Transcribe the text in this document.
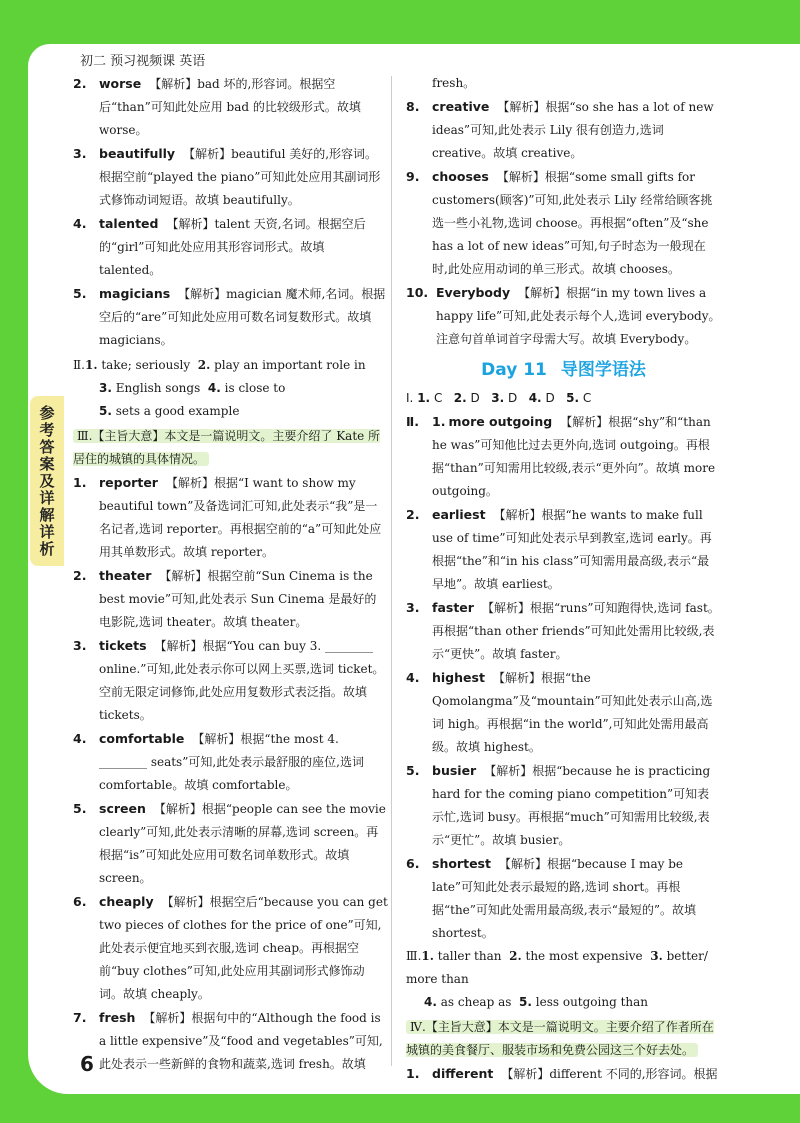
初二 预习视频课 英语
参考答案及详解详析
2. worse 【解析】bad 坏的,形容词。根据空后“than”可知此处应用 bad 的比较级形式。故填 worse。
3. beautifully 【解析】beautiful 美好的,形容词。根据空前“played the piano”可知此处应用其副词形式修饰动词短语。故填 beautifully。
4. talented 【解析】talent 天资,名词。根据空后的“girl”可知此处应用其形容词形式。故填 talented。
5. magicians 【解析】magician 魔术师,名词。根据空后的“are”可知此处应用可数名词复数形式。故填 magicians。
Ⅱ.1. take; seriously 2. play an important role in
3. English songs 4. is close to
5. sets a good example
Ⅲ.【主旨大意】本文是一篇说明文。主要介绍了 Kate 所居住的城镇的具体情况。
1. reporter 【解析】根据“I want to show my beautiful town”及备选词汇可知,此处表示“我”是一名记者,选词 reporter。再根据空前的“a”可知此处应用其单数形式。故填 reporter。
2. theater 【解析】根据空前“Sun Cinema is the best movie”可知,此处表示 Sun Cinema 是最好的电影院,选词 theater。故填 theater。
3. tickets 【解析】根据“You can buy 3. ________ online.”可知,此处表示你可以网上买票,选词 ticket。空前无限定词修饰,此处应用复数形式表泛指。故填 tickets。
4. comfortable 【解析】根据“the most 4. ________ seats”可知,此处表示最舒服的座位,选词 comfortable。故填 comfortable。
5. screen 【解析】根据“people can see the movie clearly”可知,此处表示清晰的屏幕,选词 screen。再根据“is”可知此处应用可数名词单数形式。故填 screen。
6. cheaply 【解析】根据空后“because you can get two pieces of clothes for the price of one”可知,此处表示便宜地买到衣服,选词 cheap。再根据空前“buy clothes”可知,此处应用其副词形式修饰动词。故填 cheaply。
7. fresh 【解析】根据句中的“Although the food is a little expensive”及“food and vegetables”可知,此处表示一些新鲜的食物和蔬菜,选词 fresh。故填
fresh。
8. creative 【解析】根据“so she has a lot of new ideas”可知,此处表示 Lily 很有创造力,选词 creative。故填 creative。
9. chooses 【解析】根据“some small gifts for customers(顾客)”可知,此处表示 Lily 经常给顾客挑选一些小礼物,选词 choose。再根据“often”及“she has a lot of new ideas”可知,句子时态为一般现在时,此处应用动词的单三形式。故填 chooses。
10. Everybody 【解析】根据“in my town lives a happy life”可知,此处表示每个人,选词 everybody。注意句首单词首字母需大写。故填 Everybody。
Day 11 导图学语法
Ⅰ. 1. C 2. D 3. D 4. D 5. C
Ⅱ. 1. more outgoing 【解析】根据“shy”和“than he was”可知他比过去更外向,选词 outgoing。再根据“than”可知需用比较级,表示“更外向”。故填 more outgoing。
2. earliest 【解析】根据“he wants to make full use of time”可知此处表示早到教室,选词 early。再根据“the”和“in his class”可知需用最高级,表示“最早地”。故填 earliest。
3. faster 【解析】根据“runs”可知跑得快,选词 fast。再根据“than other friends”可知此处需用比较级,表示“更快”。故填 faster。
4. highest 【解析】根据“the Qomolangma”及“mountain”可知此处表示山高,选词 high。再根据“in the world”,可知此处需用最高级。故填 highest。
5. busier 【解析】根据“because he is practicing hard for the coming piano competition”可知表示忙,选词 busy。再根据“much”可知需用比较级,表示“更忙”。故填 busier。
6. shortest 【解析】根据“because I may be late”可知此处表示最短的路,选词 short。再根据“the”可知此处需用最高级,表示“最短的”。故填 shortest。
Ⅲ.1. taller than 2. the most expensive 3. better/ more than
4. as cheap as 5. less outgoing than
Ⅳ.【主旨大意】本文是一篇说明文。主要介绍了作者所在城镇的美食餐厅、服装市场和免费公园这三个好去处。
1. different 【解析】different 不同的,形容词。根据
6
